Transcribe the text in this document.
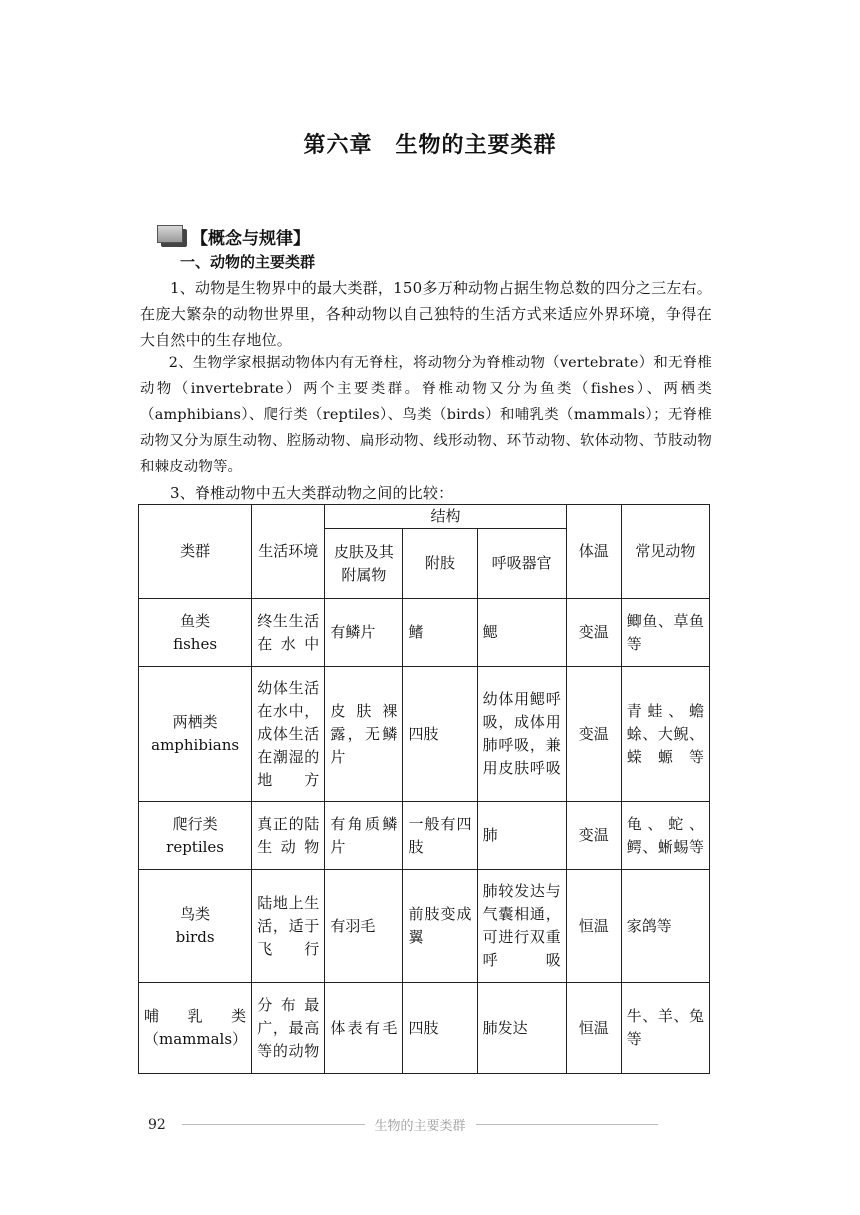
第六章　生物的主要类群
【概念与规律】
一、动物的主要类群

1、动物是生物界中的最大类群，150多万种动物占据生物总数的四分之三左右。在庞大繁杂的动物世界里，各种动物以自己独特的生活方式来适应外界环境，争得在大自然中的生存地位。

2、生物学家根据动物体内有无脊柱，将动物分为脊椎动物（vertebrate）和无脊椎动物（invertebrate）两个主要类群。脊椎动物又分为鱼类（fishes）、两栖类（amphibians）、爬行类（reptiles）、鸟类（birds）和哺乳类（mammals）；无脊椎动物又分为原生动物、腔肠动物、扁形动物、线形动物、环节动物、软体动物、节肢动物和棘皮动物等。

3、脊椎动物中五大类群动物之间的比较：

类群	生活环境	结构			体温	常见动物
		皮肤及其附属物	附肢	呼吸器官		

鱼类
fishes	终生生活在水中	有鳞片	鳍	鳃	变温	鲫鱼、草鱼等

两栖类
amphibians	幼体生活在水中，成体生活在潮湿的地方	皮肤裸露，无鳞片	四肢	幼体用鳃呼吸，成体用肺呼吸，兼用皮肤呼吸	变温	青蛙、蟾蜍、大鲵、蝾螈等

爬行类
reptiles	真正的陆生动物	有角质鳞片	一般有四肢	肺	变温	龟、蛇、鳄、蜥蜴等

鸟类
birds	陆地上生活，适于飞行	有羽毛	前肢变成翼	肺较发达与气囊相通，可进行双重呼吸	恒温	家鸽等

哺乳类
（mammals）	分布最广，最高等的动物	体表有毛	四肢	肺发达	恒温	牛、羊、兔等
92	生物的主要类群
